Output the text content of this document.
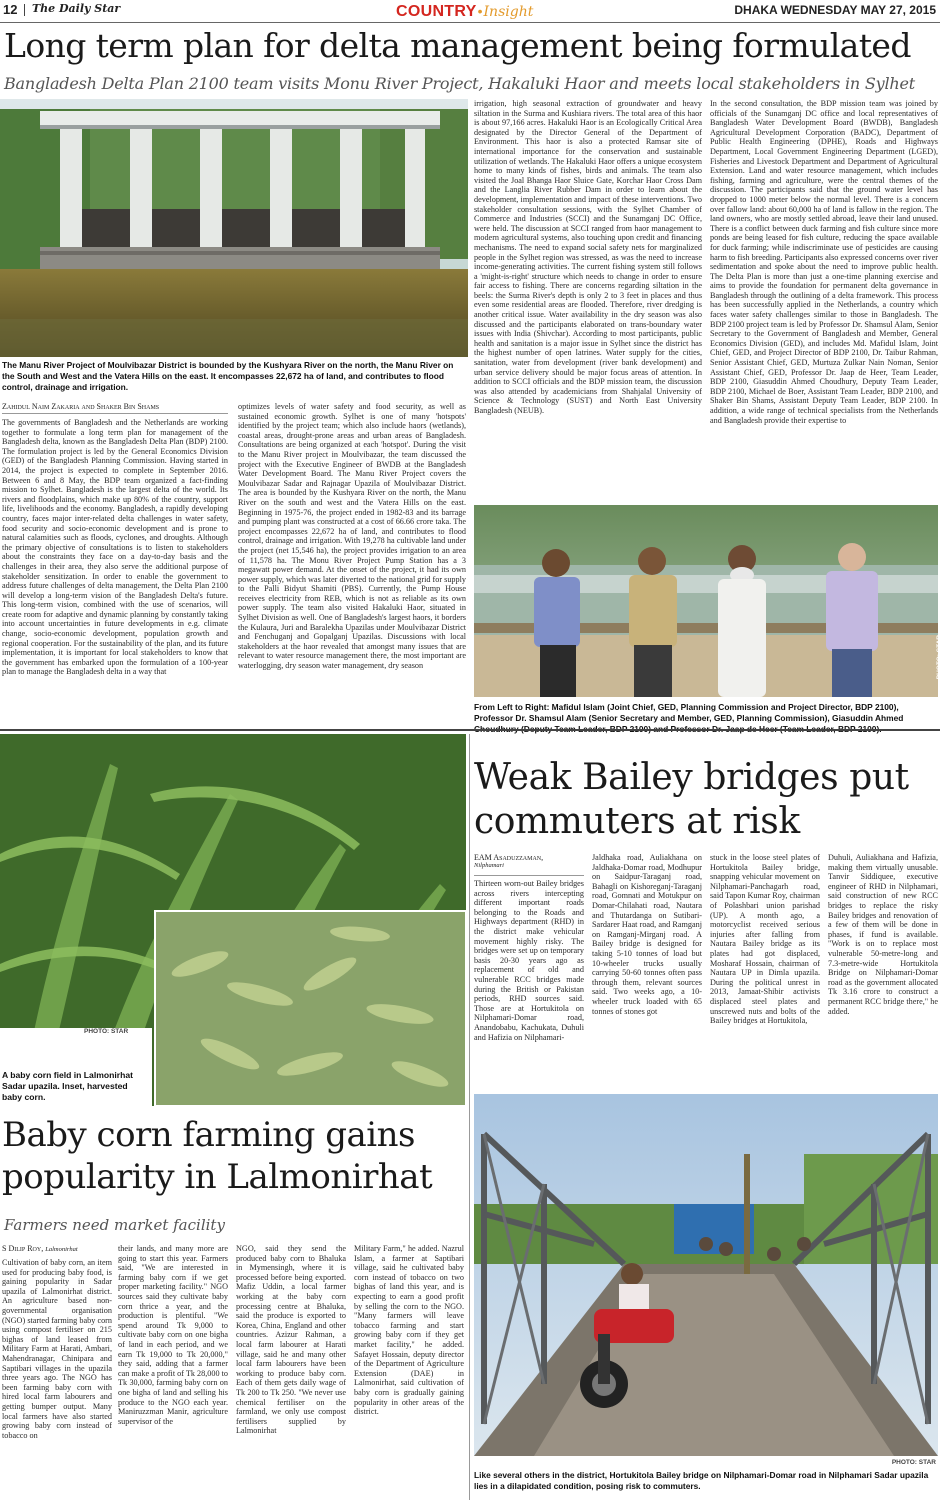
12 The Daily Star	COUNTRY•Insight	DHAKA WEDNESDAY MAY 27, 2015
Long term plan for delta management being formulated
Bangladesh Delta Plan 2100 team visits Monu River Project, Hakaluki Haor and meets local stakeholders in Sylhet
The Manu River Project of Moulvibazar District is bounded by the Kushyara River on the north, the Manu River on the South and West and the Vatera Hills on the east. It encompasses 22,672 ha of land, and contributes to flood control, drainage and irrigation.
Zahidul Naim Zakaria and Shaker Bin Shams
The governments of Bangladesh and the Netherlands are working together to formulate a long term plan for management of the Bangladesh delta, known as the Bangladesh Delta Plan (BDP) 2100. The formulation project is led by the General Economics Division (GED) of the Bangladesh Planning Commission. Having started in 2014, the project is expected to complete in September 2016. Between 6 and 8 May, the BDP team organized a fact-finding mission to Sylhet. Bangladesh is the largest delta of the world. Its rivers and floodplains, which make up 80% of the country, support life, livelihoods and the economy. Bangladesh, a rapidly developing country, faces major inter-related delta challenges in water safety, food security and socio-economic development and is prone to natural calamities such as floods, cyclones, and droughts. Although the primary objective of consultations is to listen to stakeholders about the constraints they face on a day-to-day basis and the challenges in their area, they also serve the additional purpose of stakeholder sensitization. In order to enable the government to address future challenges of delta management, the Delta Plan 2100 will develop a long-term vision of the Bangladesh Delta's future. This long-term vision, combined with the use of scenarios, will create room for adaptive and dynamic planning by constantly taking into account uncertainties in future developments in e.g. climate change, socio-economic development, population growth and regional cooperation. For the sustainability of the plan, and its future implementation, it is important for local stakeholders to know that the government has embarked upon the formulation of a 100-year plan to manage the Bangladesh delta in a way that
optimizes levels of water safety and food security, as well as sustained economic growth. Sylhet is one of many 'hotspots' identified by the project team; which also include haors (wetlands), coastal areas, drought-prone areas and urban areas of Bangladesh. Consultations are being organized at each 'hotspot'. During the visit to the Manu River project in Moulvibazar, the team discussed the project with the Executive Engineer of BWDB at the Bangladesh Water Development Board. The Manu River Project covers the Moulvibazar Sadar and Rajnagar Upazila of Moulvibazar District. The area is bounded by the Kushyara River on the north, the Manu River on the south and west and the Vatera Hills on the east. Beginning in 1975-76, the project ended in 1982-83 and its barrage and pumping plant was constructed at a cost of 66.66 crore taka. The project encompasses 22,672 ha of land, and contributes to flood control, drainage and irrigation. With 19,278 ha cultivable land under the project (net 15,546 ha), the project provides irrigation to an area of 11,578 ha. The Monu River Project Pump Station has a 3 megawatt power demand. At the onset of the project, it had its own power supply, which was later diverted to the national grid for supply to the Palli Bidyut Shamiti (PBS). Currently, the Pump House receives electricity from REB, which is not as reliable as its own power supply. The team also visited Hakaluki Haor, situated in Sylhet Division as well. One of Bangladesh's largest haors, it borders the Kulaura, Juri and Baralekha Upazilas under Moulvibazar District and Fenchuganj and Gopalganj Upazilas. Discussions with local stakeholders at the haor revealed that amongst many issues that are relevant to water resource management there, the most important are waterlogging, dry season water management, dry season
irrigation, high seasonal extraction of groundwater and heavy siltation in the Surma and Kushiara rivers. The total area of this haor is about 97,166 acres. Hakaluki Haor is an Ecologically Critical Area designated by the Director General of the Department of Environment. This haor is also a protected Ramsar site of international importance for the conservation and sustainable utilization of wetlands. The Hakaluki Haor offers a unique ecosystem home to many kinds of fishes, birds and animals. The team also visited the Joal Bhanga Haor Sluice Gate, Korchar Haor Cross Dam and the Langlia River Rubber Dam in order to learn about the development, implementation and impact of these interventions. Two stakeholder consultation sessions, with the Sylhet Chamber of Commerce and Industries (SCCI) and the Sunamganj DC Office, were held. The discussion at SCCI ranged from haor management to modern agricultural systems, also touching upon credit and financing mechanisms. The need to expand social safety nets for marginalized people in the Sylhet region was stressed, as was the need to increase income-generating activities. The current fishing system still follows a 'might-is-right' structure which needs to change in order to ensure fair access to fishing. There are concerns regarding siltation in the beels: the Surma River's depth is only 2 to 3 feet in places and thus even some residential areas are flooded. Therefore, river dredging is another critical issue. Water availability in the dry season was also discussed and the participants elaborated on trans-boundary water issues with India (Shivchar). According to most participants, public health and sanitation is a major issue in Sylhet since the district has the highest number of open latrines. Water supply for the cities, sanitation, water from development (river bank development) and urban service delivery should be major focus areas of attention. In addition to SCCI officials and the BDP mission team, the discussion was also attended by academicians from Shahjalal University of Science & Technology (SUST) and North East University Bangladesh (NEUB).
In the second consultation, the BDP mission team was joined by officials of the Sunamganj DC office and local representatives of Bangladesh Water Development Board (BWDB), Bangladesh Agricultural Development Corporation (BADC), Department of Public Health Engineering (DPHE), Roads and Highways Department, Local Government Engineering Department (LGED), Fisheries and Livestock Department and Department of Agricultural Extension. Land and water resource management, which includes fishing, farming and agriculture, were the central themes of the discussion. The participants said that the ground water level has dropped to 1000 meter below the normal level. There is a concern over fallow land: about 60,000 ha of land is fallow in the region. The land owners, who are mostly settled abroad, leave their land unused. There is a conflict between duck farming and fish culture since more ponds are being leased for fish culture, reducing the space available for duck farming; while indiscriminate use of pesticides are causing harm to fish breeding. Participants also expressed concerns over river sedimentation and spoke about the need to improve public health. The Delta Plan is more than just a one-time planning exercise and aims to provide the foundation for permanent delta governance in Bangladesh through the outlining of a delta framework. This process has been successfully applied in the Netherlands, a country which faces water safety challenges similar to those in Bangladesh. The BDP 2100 project team is led by Professor Dr. Shamsul Alam, Senior Secretary to the Government of Bangladesh and Member, General Economics Division (GED), and includes Md. Mafidul Islam, Joint Chief, GED, and Project Director of BDP 2100, Dr. Taibur Rahman, Senior Assistant Chief, GED, Murtuza Zulkar Nain Noman, Senior Assistant Chief, GED, Professor Dr. Jaap de Heer, Team Leader, BDP 2100, Giasuddin Ahmed Choudhury, Deputy Team Leader, BDP 2100, Michael de Boer, Assistant Team Leader, BDP 2100, and Shaker Bin Shams, Assistant Deputy Team Leader, BDP 2100. In addition, a wide range of technical specialists from the Netherlands and Bangladesh provide their expertise to
PHOTO: STAR
From Left to Right: Mafidul Islam (Joint Chief, GED, Planning Commission and Project Director, BDP 2100), Professor Dr. Shamsul Alam (Senior Secretary and Member, GED, Planning Commission), Giasuddin Ahmed
PHOTO: STAR
A baby corn field in Lalmonirhat Sadar upazila. Inset, harvested baby corn.
Baby corn farming gains popularity in Lalmonirhat
Farmers need market facility
S Dilip Roy, Lalmonirhat
Cultivation of baby corn, an item used for producing baby food, is gaining popularity in Sadar upazila of Lalmonirhat district. An agriculture based non-governmental organisation (NGO) started farming baby corn using compost fertiliser on 215 bighas of land leased from Military Farm at Harati, Ambari, Mahendranagar, Chinipara and Saptibari villages in the upazila three years ago. The NGO has been farming baby corn with hired local farm labourers and getting bumper output. Many local farmers have also started growing baby corn instead of tobacco on
their lands, and many more are going to start this year. Farmers said, "We are interested in farming baby corn if we get proper marketing facility." NGO sources said they cultivate baby corn thrice a year, and the production is plentiful. "We spend around Tk 9,000 to cultivate baby corn on one bigha of land in each period, and we earn Tk 19,000 to Tk 20,000," they said, adding that a farmer can make a profit of Tk 28,000 to Tk 30,000, farming baby corn on one bigha of land and selling his produce to the NGO each year. Maniruzzman Manir, agriculture supervisor of the
NGO, said they send the produced baby corn to Bhaluka in Mymensingh, where it is processed before being exported. Mafiz Uddin, a local farmer working at the baby corn processing centre at Bhaluka, said the produce is exported to Korea, China, England and other countries. Azizur Rahman, a local farm labourer at Harati village, said he and many other local farm labourers have been working to produce baby corn. Each of them gets daily wage of Tk 200 to Tk 250. "We never use chemical fertiliser on the farmland, we only use compost fertilisers supplied by Lalmonirhat
Military Farm," he added. Nazrul Islam, a farmer at Saptibari village, said he cultivated baby corn instead of tobacco on two bighas of land this year, and is expecting to earn a good profit by selling the corn to the NGO. "Many farmers will leave tobacco farming and start growing baby corn if they get market facility," he added. Safayet Hossain, deputy director of the Department of Agriculture Extension (DAE) in Lalmonirhat, said cultivation of baby corn is gradually gaining popularity in other areas of the district.
Weak Bailey bridges put commuters at risk
EAM Asaduzzaman,
Nilphamari
Thirteen worn-out Bailey bridges across rivers intercepting different important roads belonging to the Roads and Highways department (RHD) in the district make vehicular movement highly risky. The bridges were set up on temporary basis 20-30 years ago as replacement of old and vulnerable RCC bridges made during the British or Pakistan periods, RHD sources said. Those are at Hortukitola on Nilphamari-Domar road, Anandobabu, Kachukata, Duhuli and Hafizia on Nilphamari-
Jaldhaka road, Auliakhana on Jaldhaka-Domar road, Modhupur on Saidpur-Taraganj road, Bahagli on Kishoreganj-Taraganj road, Gomnati and Motukpur on Domar-Chilahati road, Nautara and Thutardanga on Sutibari-Sardarer Haat road, and Ramganj on Ramganj-Mirganj road. A Bailey bridge is designed for taking 5-10 tonnes of load but 10-wheeler trucks usually carrying 50-60 tonnes often pass through them, relevant sources said. Two weeks ago, a 10-wheeler truck loaded with 65 tonnes of stones got
stuck in the loose steel plates of Hortukitola Bailey bridge, snapping vehicular movement on Nilphamari-Panchagarh road, said Tapon Kumar Roy, chairman of Polashbari union parishad (UP). A month ago, a motorcyclist received serious injuries after falling from Nautara Bailey bridge as its plates had got displaced, Mosharaf Hossain, chairman of Nautara UP in Dimla upazila. During the political unrest in 2013, Jamaat-Shibir activists displaced steel plates and unscrewed nuts and bolts of the Bailey bridges at Hortukitola,
Duhuli, Auliakhana and Hafizia, making them virtually unusable. Tanvir Siddiquee, executive engineer of RHD in Nilphamari, said construction of new RCC bridges to replace the risky Bailey bridges and renovation of a few of them will be done in phases, if fund is available. "Work is on to replace most vulnerable 50-metre-long and 7.3-metre-wide Hortukitola Bridge on Nilphamari-Domar road as the government allocated Tk 3.16 crore to construct a permanent RCC bridge there," he added.
PHOTO: STAR
Like several others in the district, Hortukitola Bailey bridge on Nilphamari-Domar road in Nilphamari Sadar upazila lies in a dilapidated condition, posing risk to commuters.
